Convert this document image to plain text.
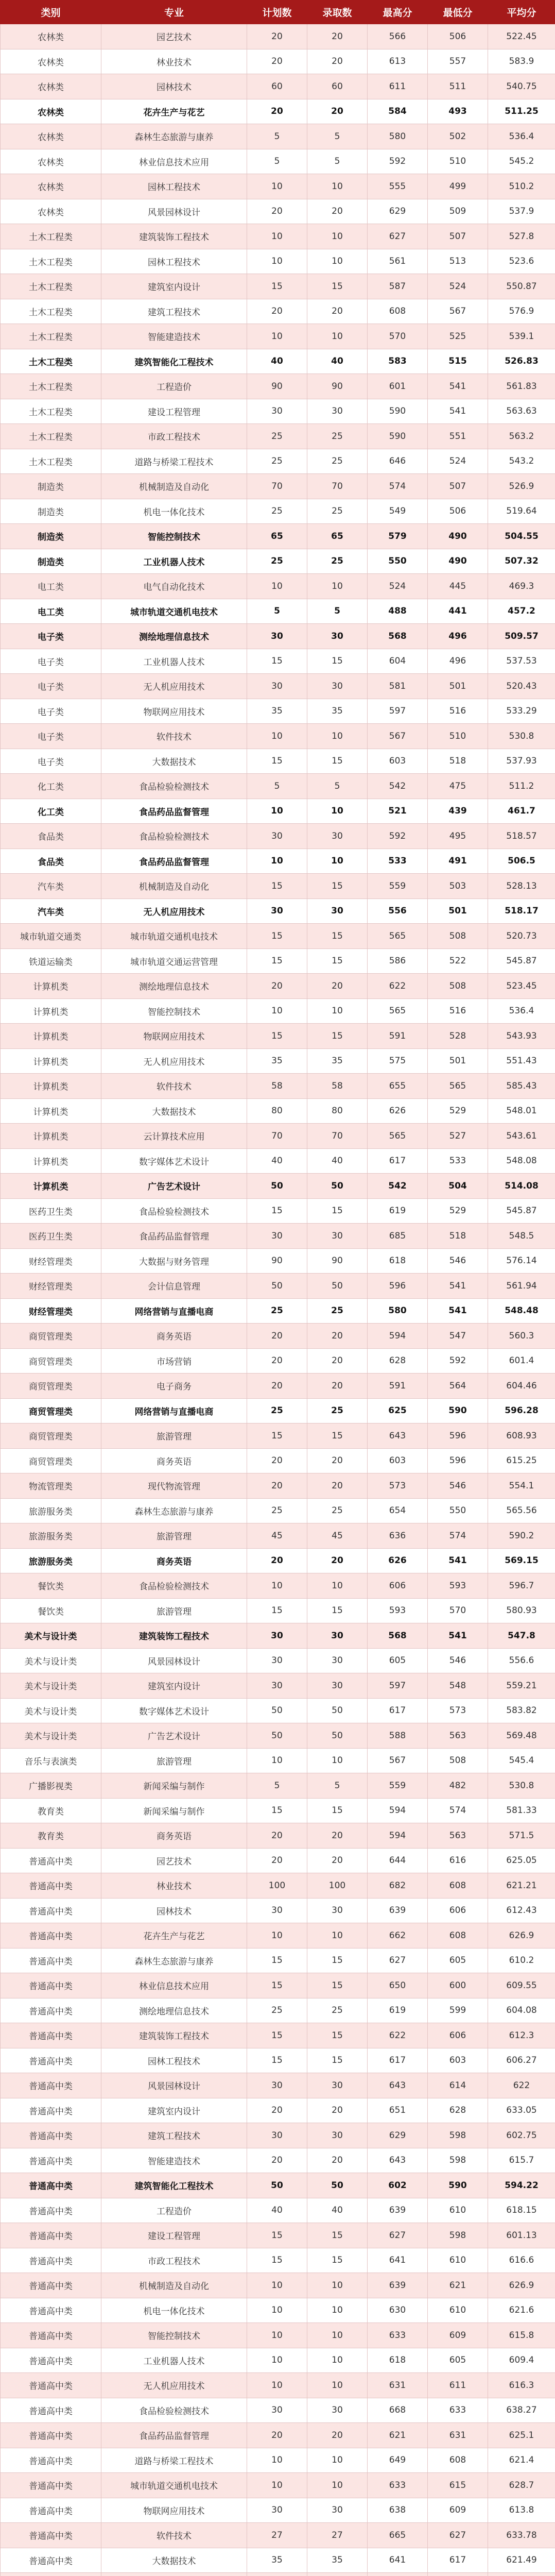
类别	专业	计划数	录取数	最高分	最低分	平均分
农林类	园艺技术	20	20	566	506	522.45
农林类	林业技术	20	20	613	557	583.9
农林类	园林技术	60	60	611	511	540.75
农林类	花卉生产与花艺	20	20	584	493	511.25
农林类	森林生态旅游与康养	5	5	580	502	536.4
农林类	林业信息技术应用	5	5	592	510	545.2
农林类	园林工程技术	10	10	555	499	510.2
农林类	风景园林设计	20	20	629	509	537.9
土木工程类	建筑装饰工程技术	10	10	627	507	527.8
土木工程类	园林工程技术	10	10	561	513	523.6
土木工程类	建筑室内设计	15	15	587	524	550.87
土木工程类	建筑工程技术	20	20	608	567	576.9
土木工程类	智能建造技术	10	10	570	525	539.1
土木工程类	建筑智能化工程技术	40	40	583	515	526.83
土木工程类	工程造价	90	90	601	541	561.83
土木工程类	建设工程管理	30	30	590	541	563.63
土木工程类	市政工程技术	25	25	590	551	563.2
土木工程类	道路与桥梁工程技术	25	25	646	524	543.2
制造类	机械制造及自动化	70	70	574	507	526.9
制造类	机电一体化技术	25	25	549	506	519.64
制造类	智能控制技术	65	65	579	490	504.55
制造类	工业机器人技术	25	25	550	490	507.32
电工类	电气自动化技术	10	10	524	445	469.3
电工类	城市轨道交通机电技术	5	5	488	441	457.2
电子类	测绘地理信息技术	30	30	568	496	509.57
电子类	工业机器人技术	15	15	604	496	537.53
电子类	无人机应用技术	30	30	581	501	520.43
电子类	物联网应用技术	35	35	597	516	533.29
电子类	软件技术	10	10	567	510	530.8
电子类	大数据技术	15	15	603	518	537.93
化工类	食品检验检测技术	5	5	542	475	511.2
化工类	食品药品监督管理	10	10	521	439	461.7
食品类	食品检验检测技术	30	30	592	495	518.57
食品类	食品药品监督管理	10	10	533	491	506.5
汽车类	机械制造及自动化	15	15	559	503	528.13
汽车类	无人机应用技术	30	30	556	501	518.17
城市轨道交通类	城市轨道交通机电技术	15	15	565	508	520.73
铁道运输类	城市轨道交通运营管理	15	15	586	522	545.87
计算机类	测绘地理信息技术	20	20	622	508	523.45
计算机类	智能控制技术	10	10	565	516	536.4
计算机类	物联网应用技术	15	15	591	528	543.93
计算机类	无人机应用技术	35	35	575	501	551.43
计算机类	软件技术	58	58	655	565	585.43
计算机类	大数据技术	80	80	626	529	548.01
计算机类	云计算技术应用	70	70	565	527	543.61
计算机类	数字媒体艺术设计	40	40	617	533	548.08
计算机类	广告艺术设计	50	50	542	504	514.08
医药卫生类	食品检验检测技术	15	15	619	529	545.87
医药卫生类	食品药品监督管理	30	30	685	518	548.5
财经管理类	大数据与财务管理	90	90	618	546	576.14
财经管理类	会计信息管理	50	50	596	541	561.94
财经管理类	网络营销与直播电商	25	25	580	541	548.48
商贸管理类	商务英语	20	20	594	547	560.3
商贸管理类	市场营销	20	20	628	592	601.4
商贸管理类	电子商务	20	20	591	564	604.46
商贸管理类	网络营销与直播电商	25	25	625	590	596.28
商贸管理类	旅游管理	15	15	643	596	608.93
商贸管理类	商务英语	20	20	603	596	615.25
物流管理类	现代物流管理	20	20	573	546	554.1
旅游服务类	森林生态旅游与康养	25	25	654	550	565.56
旅游服务类	旅游管理	45	45	636	574	590.2
旅游服务类	商务英语	20	20	626	541	569.15
餐饮类	食品检验检测技术	10	10	606	593	596.7
餐饮类	旅游管理	15	15	593	570	580.93
美术与设计类	建筑装饰工程技术	30	30	568	541	547.8
美术与设计类	风景园林设计	30	30	605	546	556.6
美术与设计类	建筑室内设计	30	30	597	548	559.21
美术与设计类	数字媒体艺术设计	50	50	617	573	583.82
美术与设计类	广告艺术设计	50	50	588	563	569.48
音乐与表演类	旅游管理	10	10	567	508	545.4
广播影视类	新闻采编与制作	5	5	559	482	530.8
教育类	新闻采编与制作	15	15	594	574	581.33
教育类	商务英语	20	20	594	563	571.5
普通高中类	园艺技术	20	20	644	616	625.05
普通高中类	林业技术	100	100	682	608	621.21
普通高中类	园林技术	30	30	639	606	612.43
普通高中类	花卉生产与花艺	10	10	662	608	626.9
普通高中类	森林生态旅游与康养	15	15	627	605	610.2
普通高中类	林业信息技术应用	15	15	650	600	609.55
普通高中类	测绘地理信息技术	25	25	619	599	604.08
普通高中类	建筑装饰工程技术	15	15	622	606	612.3
普通高中类	园林工程技术	15	15	617	603	606.27
普通高中类	风景园林设计	30	30	643	614	622
普通高中类	建筑室内设计	20	20	651	628	633.05
普通高中类	建筑工程技术	30	30	629	598	602.75
普通高中类	智能建造技术	20	20	643	598	615.7
普通高中类	建筑智能化工程技术	50	50	602	590	594.22
普通高中类	工程造价	40	40	639	610	618.15
普通高中类	建设工程管理	15	15	627	598	601.13
普通高中类	市政工程技术	15	15	641	610	616.6
普通高中类	机械制造及自动化	10	10	639	621	626.9
普通高中类	机电一体化技术	10	10	630	610	621.6
普通高中类	智能控制技术	10	10	633	609	615.8
普通高中类	工业机器人技术	10	10	618	605	609.4
普通高中类	无人机应用技术	10	10	631	611	616.3
普通高中类	食品检验检测技术	30	30	668	633	638.27
普通高中类	食品药品监督管理	20	20	621	631	625.1
普通高中类	道路与桥梁工程技术	10	10	649	608	621.4
普通高中类	城市轨道交通机电技术	10	10	633	615	628.7
普通高中类	物联网应用技术	30	30	638	609	613.8
普通高中类	软件技术	27	27	665	627	633.78
普通高中类	大数据技术	35	35	641	617	621.49
